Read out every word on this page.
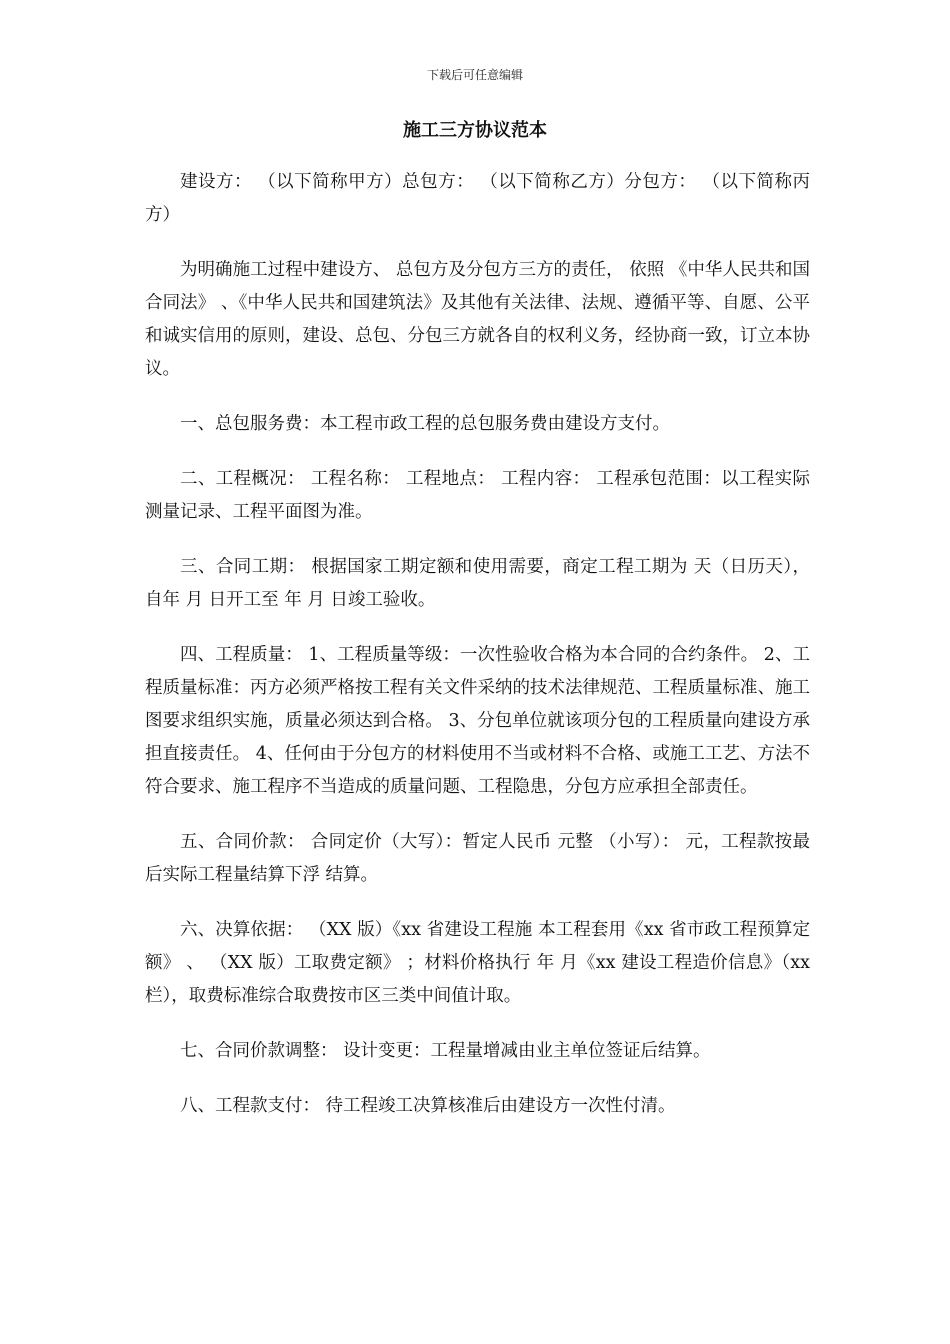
下载后可任意编辑
施工三方协议范本

建设方： （以下简称甲方）总包方： （以下简称乙方）分包方： （以下简称丙方）

为明确施工过程中建设方、 总包方及分包方三方的责任， 依照 《中华人民共和国合同法》 、《中华人民共和国建筑法》及其他有关法律、法规、遵循平等、自愿、公平和诚实信用的原则，建设、总包、分包三方就各自的权利义务，经协商一致，订立本协议。

一、总包服务费：本工程市政工程的总包服务费由建设方支付。

二、工程概况： 工程名称： 工程地点： 工程内容： 工程承包范围：以工程实际测量记录、工程平面图为准。

三、合同工期： 根据国家工期定额和使用需要，商定工程工期为 天（日历天），自年 月 日开工至 年 月 日竣工验收。

四、工程质量： 1、工程质量等级：一次性验收合格为本合同的合约条件。 2、工程质量标准：丙方必须严格按工程有关文件采纳的技术法律规范、工程质量标准、施工图要求组织实施，质量必须达到合格。 3、分包单位就该项分包的工程质量向建设方承担直接责任。 4、任何由于分包方的材料使用不当或材料不合格、或施工工艺、方法不符合要求、施工程序不当造成的质量问题、工程隐患，分包方应承担全部责任。

五、合同价款： 合同定价（大写）：暂定人民币 元整 （小写）： 元，工程款按最后实际工程量结算下浮 结算。

六、决算依据： （XX 版）《xx 省建设工程施 本工程套用《xx 省市政工程预算定额》 、 （XX 版）工取费定额》 ；材料价格执行 年 月《xx 建设工程造价信息》（xx 栏），取费标准综合取费按市区三类中间值计取。

七、合同价款调整： 设计变更：工程量增减由业主单位签证后结算。

八、工程款支付： 待工程竣工决算核准后由建设方一次性付清。
